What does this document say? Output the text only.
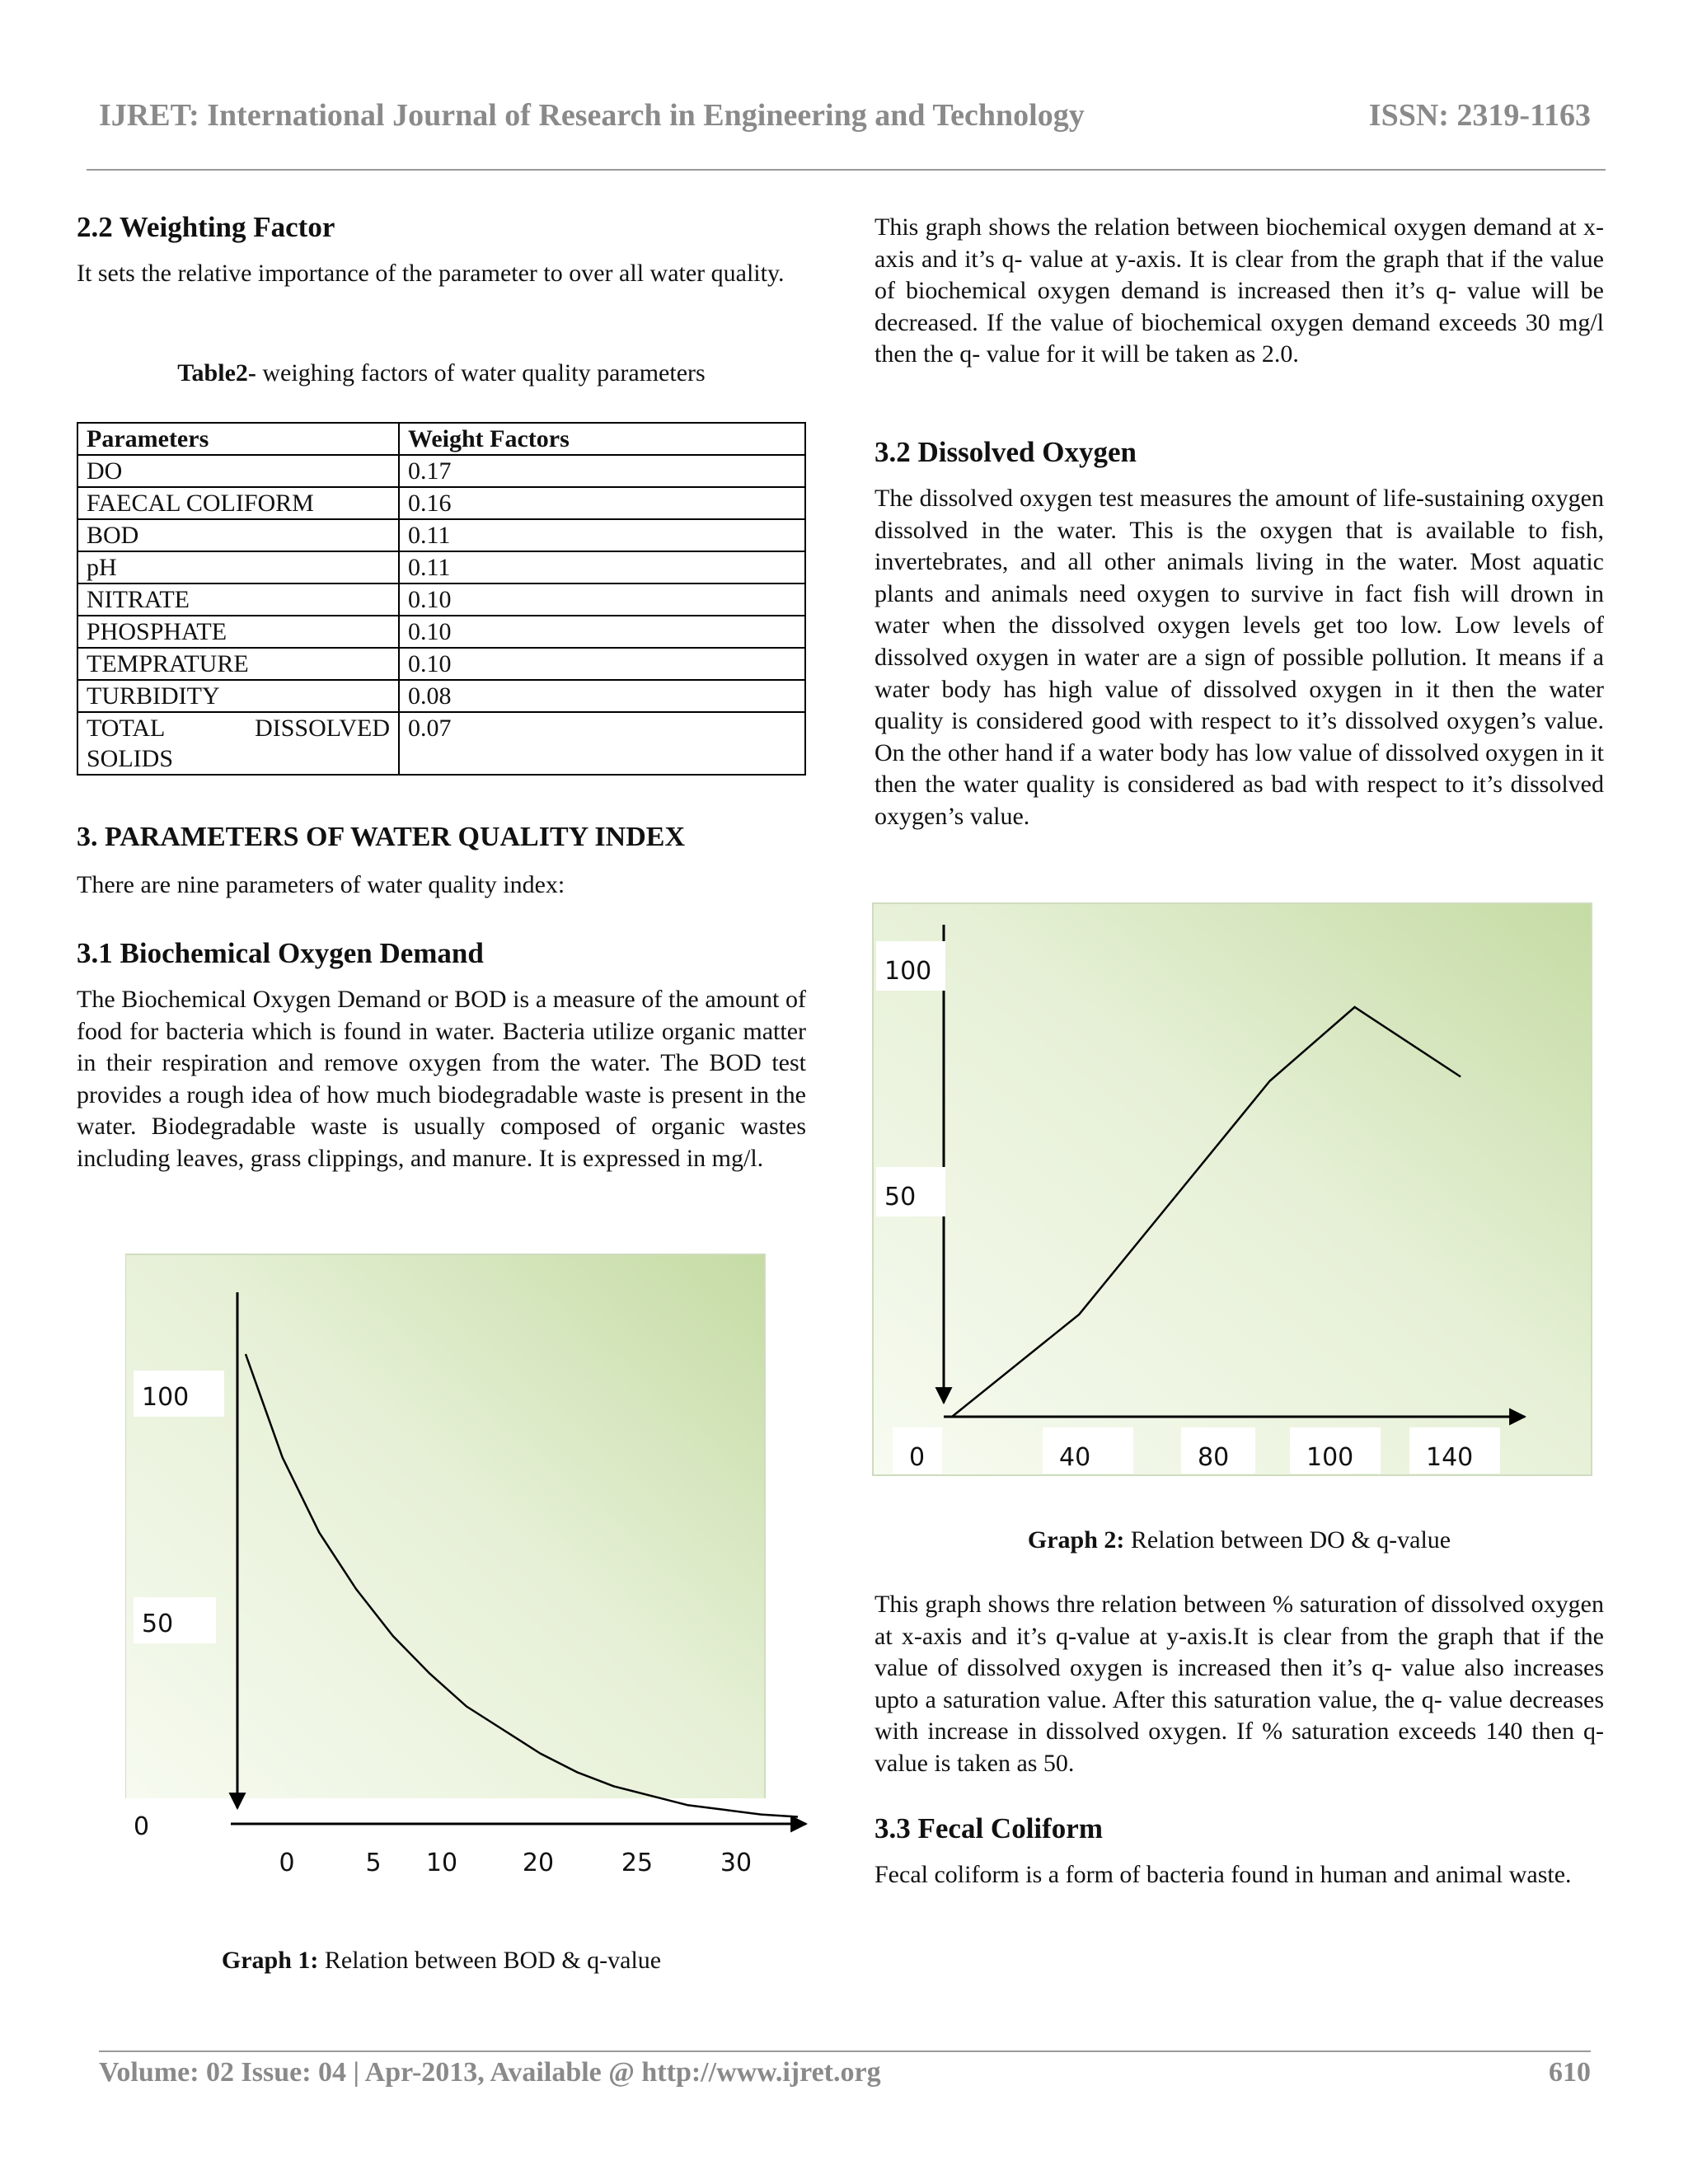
IJRET: International Journal of Research in Engineering and Technology	ISSN: 2319-1163
2.2 Weighting Factor

It sets the relative importance of the parameter to over all water quality.

Table2- weighing factors of water quality parameters
Parameters	Weight Factors
DO	0.17
FAECAL COLIFORM	0.16
BOD	0.11
pH	0.11
NITRATE	0.10
PHOSPHATE	0.10
TEMPRATURE	0.10
TURBIDITY	0.08
TOTAL DISSOLVED SOLIDS	0.07
3. PARAMETERS OF WATER QUALITY INDEX

There are nine parameters of water quality index:

3.1 Biochemical Oxygen Demand

The Biochemical Oxygen Demand or BOD is a measure of the amount of food for bacteria which is found in water. Bacteria utilize organic matter in their respiration and remove oxygen from the water. The BOD test provides a rough idea of how much biodegradable waste is present in the water. Biodegradable waste is usually composed of organic wastes including leaves, grass clippings, and manure. It is expressed in mg/l.

0
50
100
0	5 10	20	25	30
Graph 1: Relation between BOD & q-value

This graph shows the relation between biochemical oxygen demand at x-axis and it’s q- value at y-axis. It is clear from the graph that if the value of biochemical oxygen demand is increased then it’s q- value will be decreased. If the value of biochemical oxygen demand exceeds 30 mg/l then the q- value for it will be taken as 2.0.

3.2 Dissolved Oxygen

The dissolved oxygen test measures the amount of life-sustaining oxygen dissolved in the water. This is the oxygen that is available to fish, invertebrates, and all other animals living in the water. Most aquatic plants and animals need oxygen to survive in fact fish will drown in water when the dissolved oxygen levels get too low. Low levels of dissolved oxygen in water are a sign of possible pollution. It means if a water body has high value of dissolved oxygen in it then the water quality is considered good with respect to it’s dissolved oxygen’s value. On the other hand if a water body has low value of dissolved oxygen in it then the water quality is considered as bad with respect to it’s dissolved oxygen’s value.

100
50
0	40	80	100	140
Graph 2: Relation between DO & q-value

This graph shows thre relation between % saturation of dissolved oxygen at x-axis and it’s q-value at y-axis.It is clear from the graph that if the value of dissolved oxygen is increased then it’s q- value also increases upto a saturation value. After this saturation value, the q- value decreases with increase in dissolved oxygen. If % saturation exceeds 140 then q-value is taken as 50.

3.3 Fecal Coliform

Fecal coliform is a form of bacteria found in human and animal waste.

Volume: 02 Issue: 04 | Apr-2013, Available @ http://www.ijret.org	610
